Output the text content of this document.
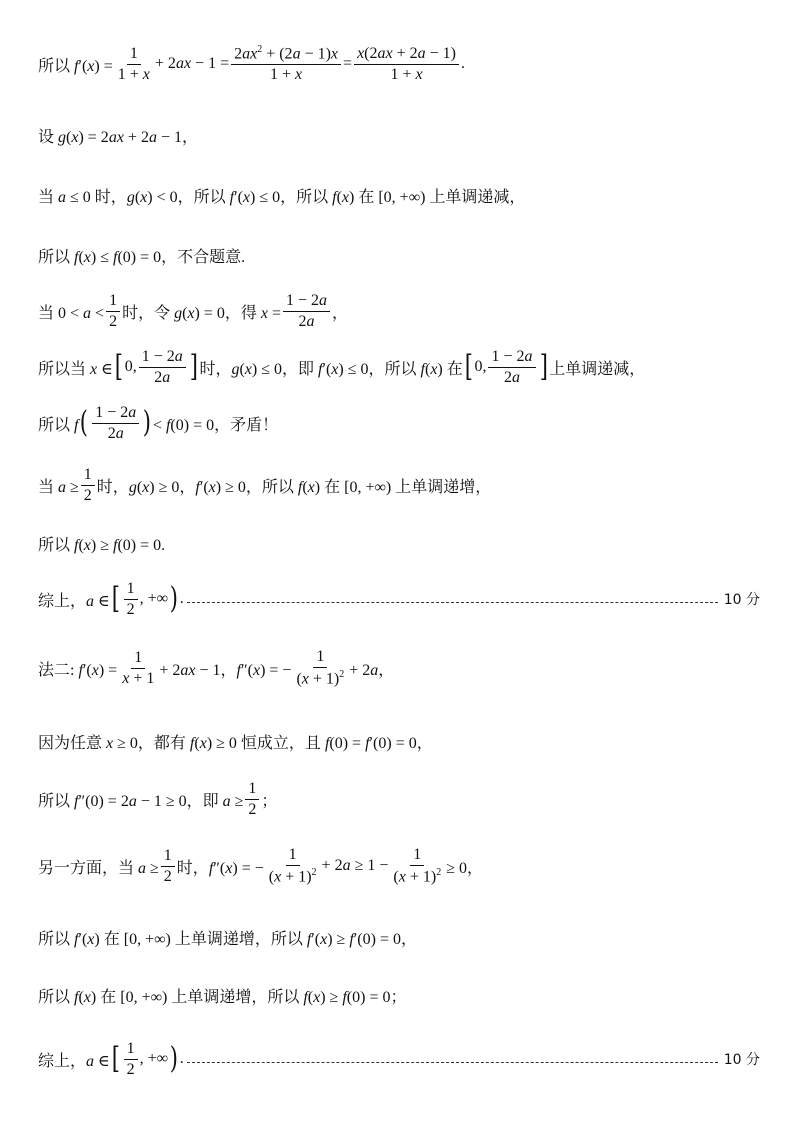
所以 $f'(x) = \frac{1}{1 + x} + 2ax - 1 = \frac{2ax^2 + (2a - 1)x}{1 + x} = \frac{x(2ax + 2a - 1)}{1 + x}$ .
设 g(x) = 2ax + 2a − 1，
当 a ≤ 0 时，g(x) < 0，所以 f′(x) ≤ 0，所以 f(x) 在 [0, +∞) 上单调递减，
所以 f(x) ≤ f(0) = 0，不合题意.
当 $0 < a < \frac{1}{2}$ 时，令 g(x) = 0，得 $x = \frac{1 - 2a}{2a}$ ，
所以当 x ∈ [ 0, $\frac{1 - 2a}{2a}$ ] 时，g(x) ≤ 0，即 f′(x) ≤ 0，所以 f(x) 在 [ 0, $\frac{1 - 2a}{2a}$ ] 上单调递减，
所以 f ( $\frac{1 - 2a}{2a}$ ) < f(0) = 0，矛盾！
当 $a \ge \frac{1}{2}$ 时，g(x) ≥ 0，f′(x) ≥ 0，所以 f(x) 在 [0, +∞) 上单调递增，
所以 f(x) ≥ f(0) = 0.
综上，a ∈ [ $\frac{1}{2}$ , +∞ ) .	10 分
法二: $f'(x) = \frac{1}{x + 1} + 2ax - 1$，f″(x) = − $\frac{1}{(x + 1)^2} + 2a$，
因为任意 x ≥ 0，都有 f(x) ≥ 0 恒成立，且 f(0) = f′(0) = 0，
所以 f″(0) = 2a − 1 ≥ 0，即 $a \ge \frac{1}{2}$ ；
另一方面，当 $a \ge \frac{1}{2}$ 时，f″(x) = − $\frac{1}{(x + 1)^2} + 2a \ge 1 - \frac{1}{(x + 1)^2} \ge 0$，
所以 f′(x) 在 [0, +∞) 上单调递增，所以 f′(x) ≥ f′(0) = 0，
所以 f(x) 在 [0, +∞) 上单调递增，所以 f(x) ≥ f(0) = 0；
综上，a ∈ [ $\frac{1}{2}$ , +∞ ) .	10 分
